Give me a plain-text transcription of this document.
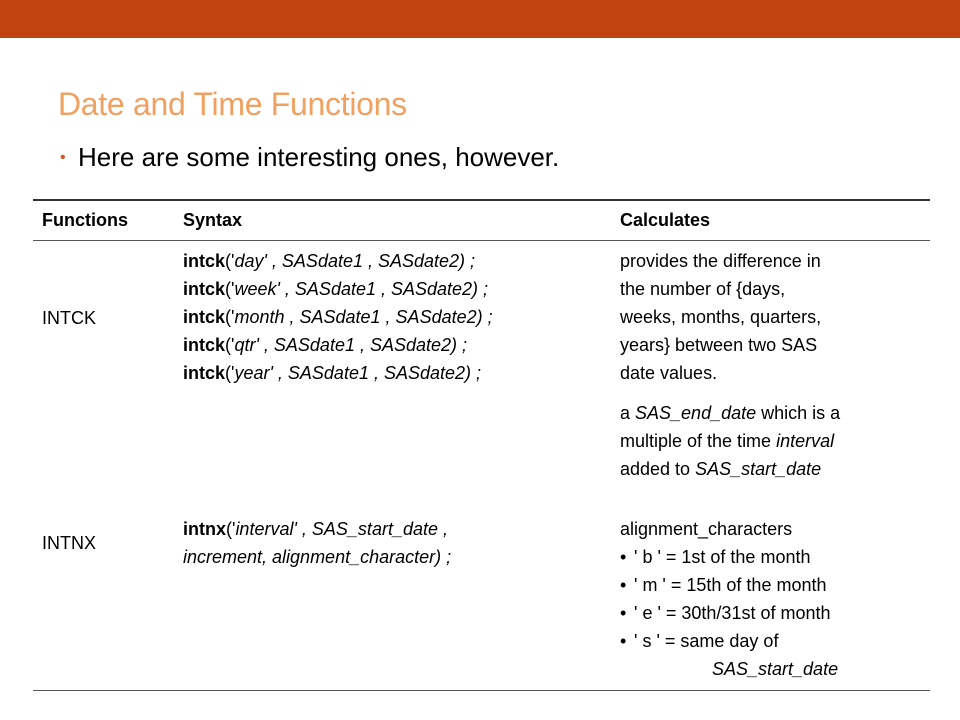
Date and Time Functions
• Here are some interesting ones, however.
Functions	Syntax	Calculates
INTCK
intck('day' , SASdate1 , SASdate2) ;
intck('week' , SASdate1 , SASdate2) ;
intck('month , SASdate1 , SASdate2) ;
intck('qtr' , SASdate1 , SASdate2) ;
intck('year' , SASdate1 , SASdate2) ;
provides the difference in
the number of {days,
weeks, months, quarters,
years} between two SAS
date values.
INTNX
intnx('interval' , SAS_start_date ,
increment, alignment_character) ;
a SAS_end_date which is a
multiple of the time interval
added to SAS_start_date
alignment_characters
• ' b ' = 1st of the month
• ' m ' = 15th of the month
• ' e ' = 30th/31st of month
• ' s ' = same day of
SAS_start_date
